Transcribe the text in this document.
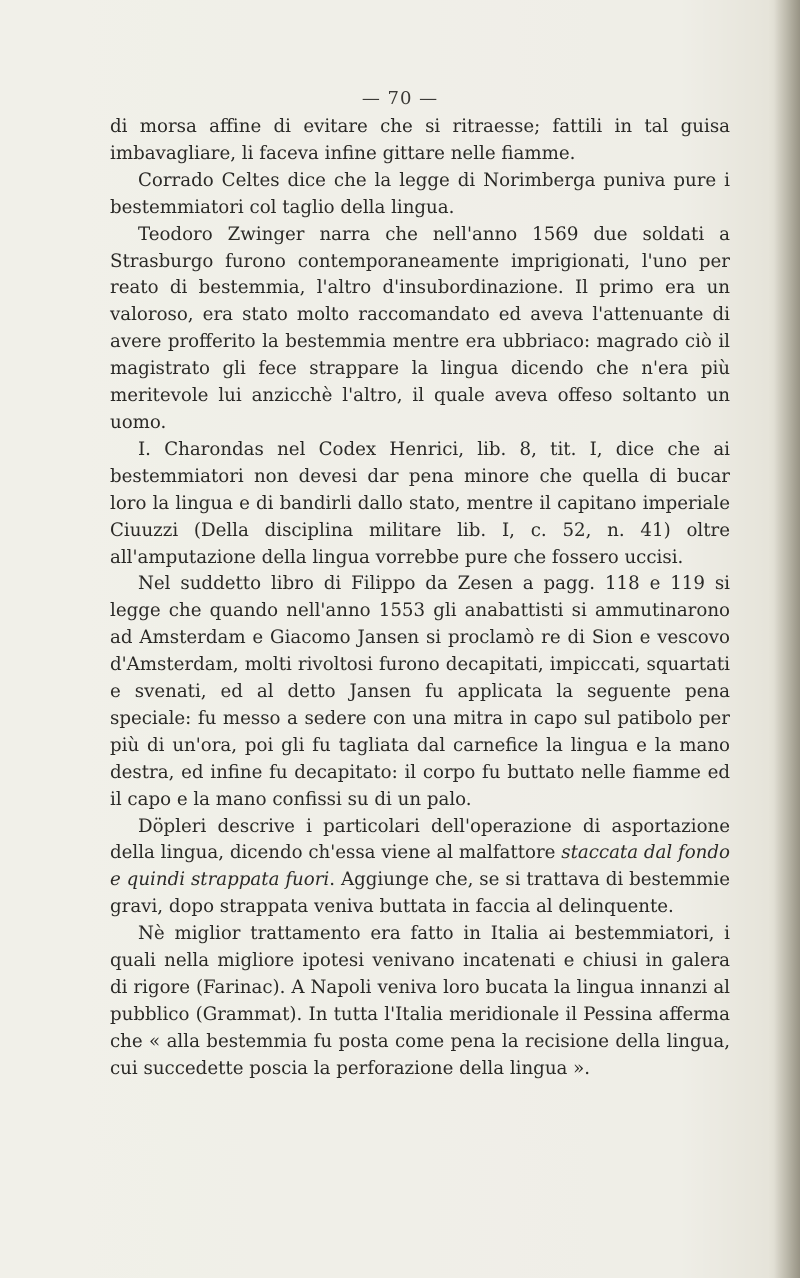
— 70 —

di morsa affine di evitare che si ritraesse; fattili in tal guisa imbavagliare, li faceva infine gittare nelle fiamme.

Corrado Celtes dice che la legge di Norimberga puniva pure i bestemmiatori col taglio della lingua.

Teodoro Zwinger narra che nell'anno 1569 due soldati a Strasburgo furono contemporaneamente imprigionati, l'uno per reato di bestemmia, l'altro d'insubordinazione. Il primo era un valoroso, era stato molto raccomandato ed aveva l'attenuante di avere profferito la bestemmia mentre era ubbriaco: magrado ciò il magistrato gli fece strappare la lingua dicendo che n'era più meritevole lui anzicchè l'altro, il quale aveva offeso soltanto un uomo.

I. Charondas nel Codex Henrici, lib. 8, tit. I, dice che ai bestemmiatori non devesi dar pena minore che quella di bucar loro la lingua e di bandirli dallo stato, mentre il capitano imperiale Ciuuzzi (Della disciplina militare lib. I, c. 52, n. 41) oltre all'amputazione della lingua vorrebbe pure che fossero uccisi.

Nel suddetto libro di Filippo da Zesen a pagg. 118 e 119 si legge che quando nell'anno 1553 gli anabattisti si ammutinarono ad Amsterdam e Giacomo Jansen si proclamò re di Sion e vescovo d'Amsterdam, molti rivoltosi furono decapitati, impiccati, squartati e svenati, ed al detto Jansen fu applicata la seguente pena speciale: fu messo a sedere con una mitra in capo sul patibolo per più di un'ora, poi gli fu tagliata dal carnefice la lingua e la mano destra, ed infine fu decapitato: il corpo fu buttato nelle fiamme ed il capo e la mano confissi su di un palo.

Döpleri descrive i particolari dell'operazione di asportazione della lingua, dicendo ch'essa viene al malfattore staccata dal fondo e quindi strappata fuori. Aggiunge che, se si trattava di bestemmie gravi, dopo strappata veniva buttata in faccia al delinquente.

Nè miglior trattamento era fatto in Italia ai bestemmiatori, i quali nella migliore ipotesi venivano incatenati e chiusi in galera di rigore (Farinac). A Napoli veniva loro bucata la lingua innanzi al pubblico (Grammat). In tutta l'Italia meridionale il Pessina afferma che « alla bestemmia fu posta come pena la recisione della lingua, cui succedette poscia la perforazione della lingua ».
